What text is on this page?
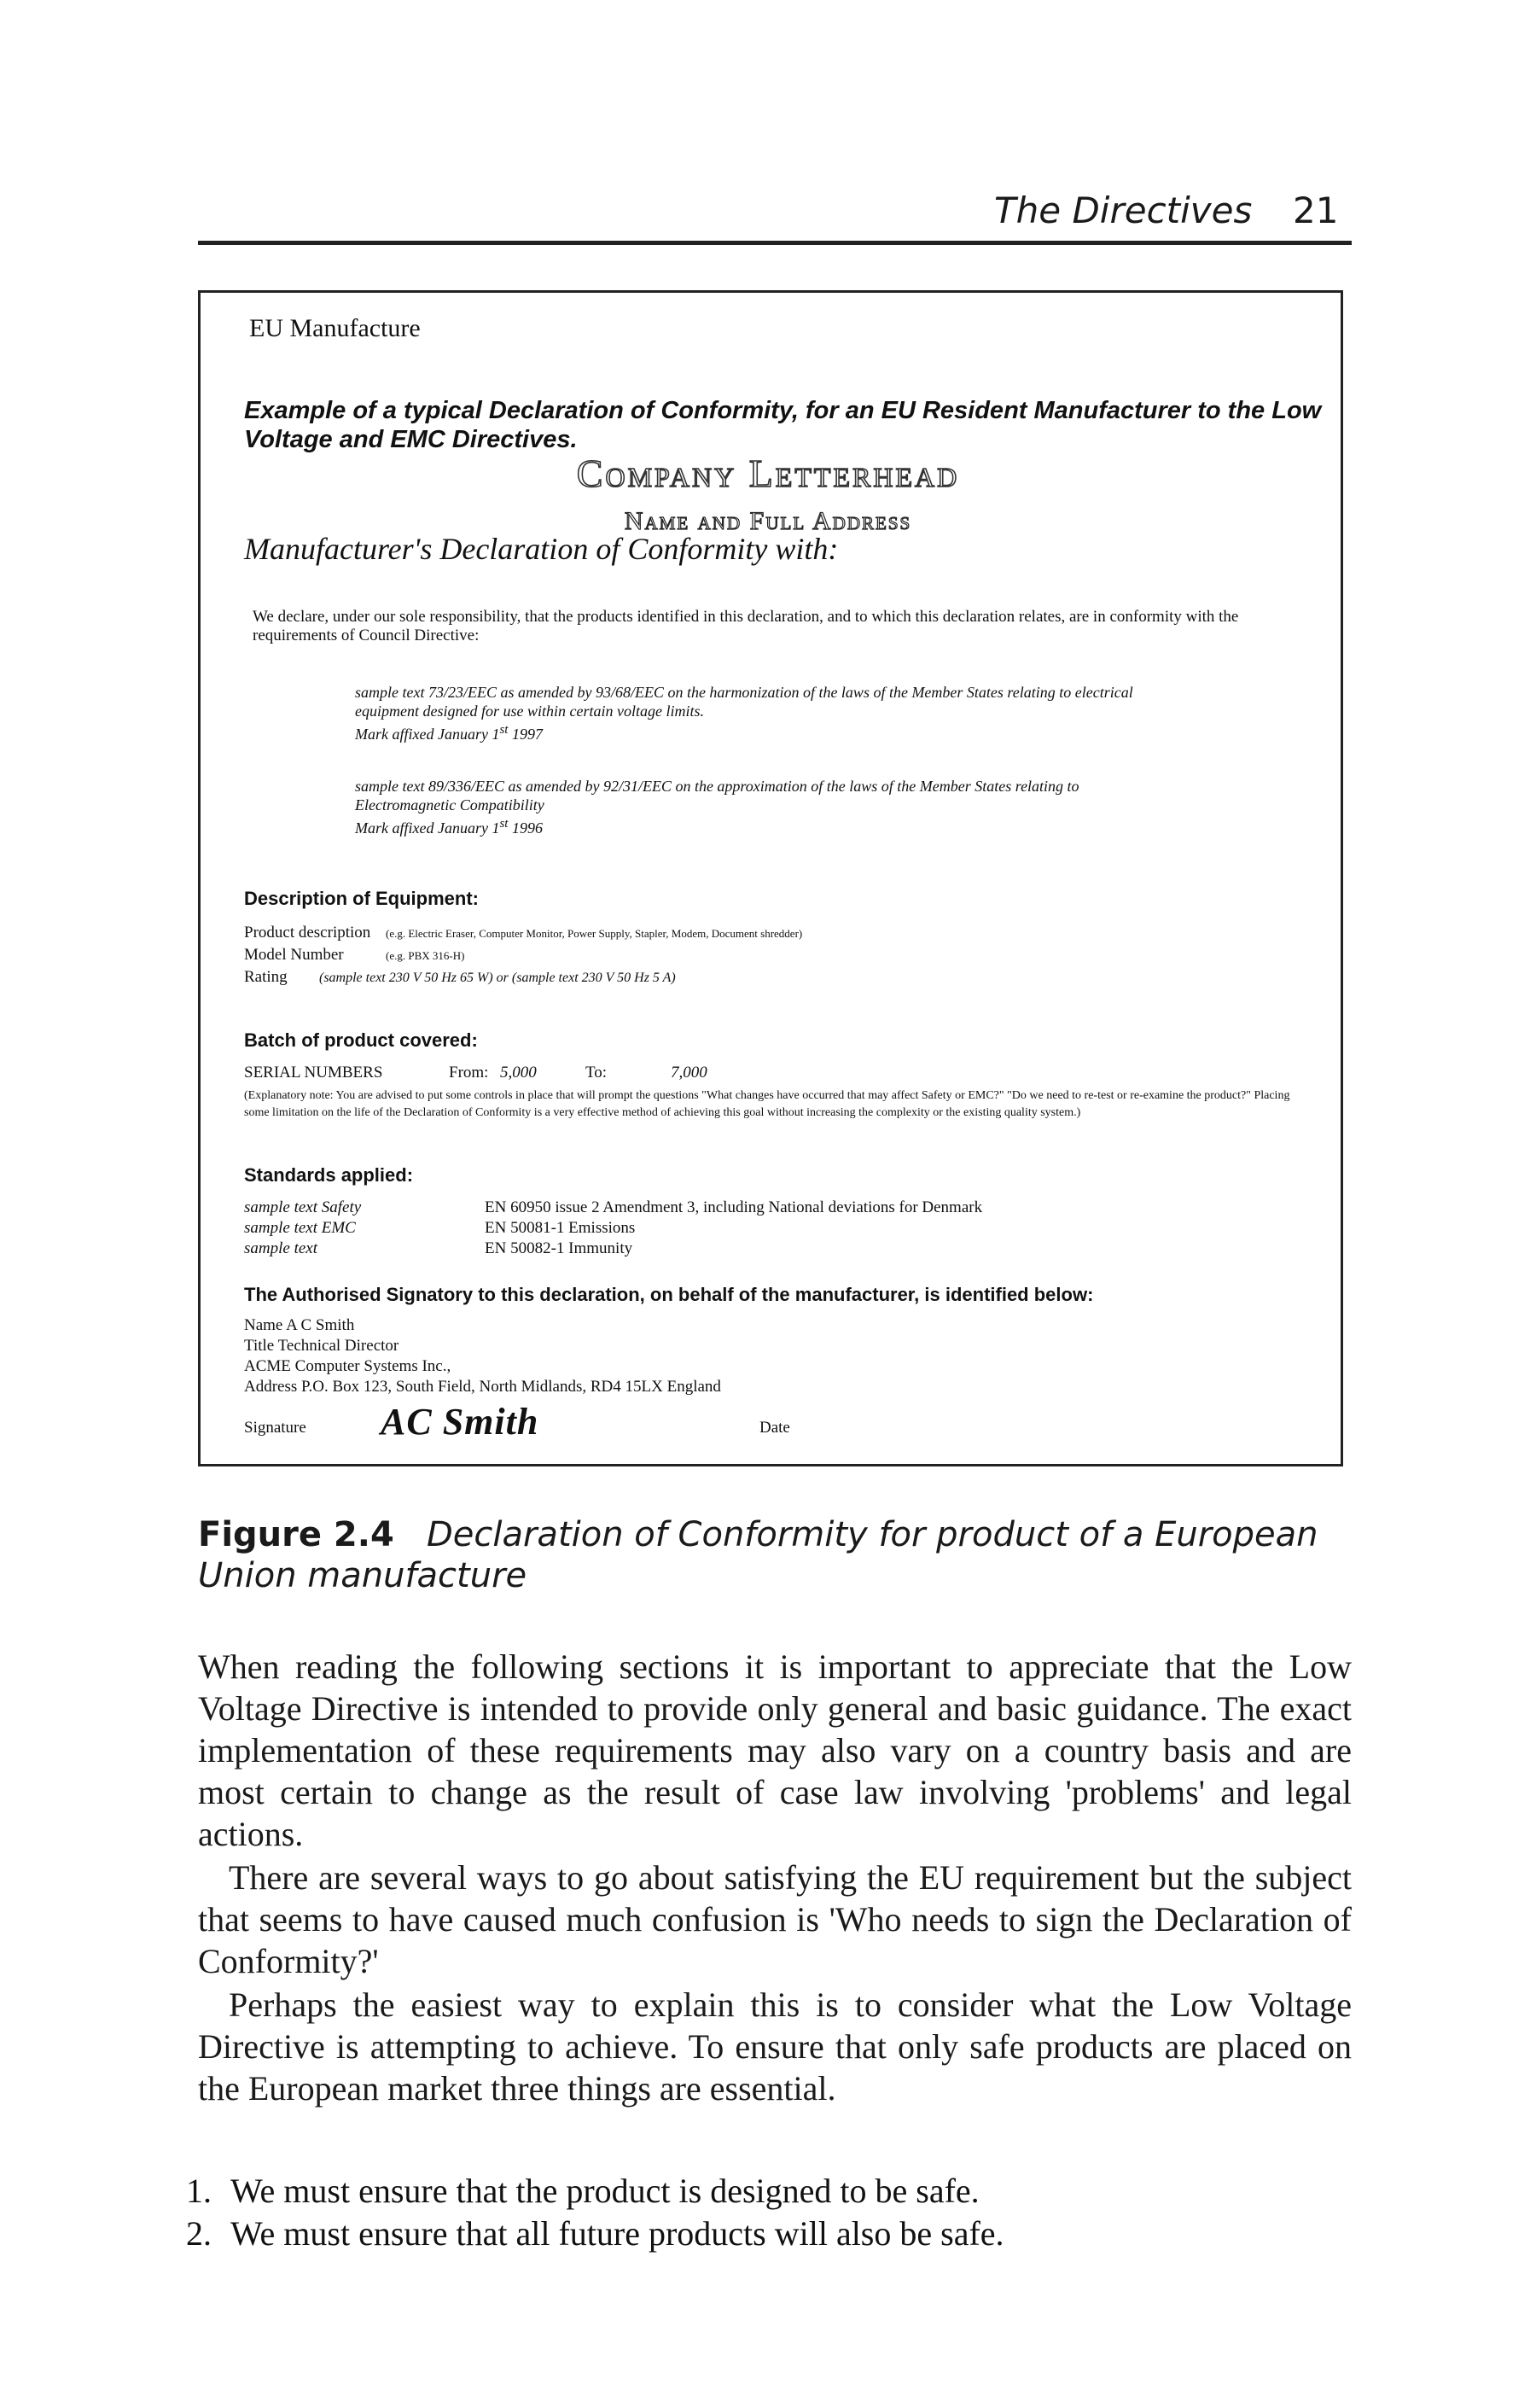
The Directives 21
EU Manufacture
Example of a typical Declaration of Conformity, for an EU Resident Manufacturer to the Low Voltage and EMC Directives.
Company Letterhead
Name and Full Address
Manufacturer's Declaration of Conformity with:
We declare, under our sole responsibility, that the products identified in this declaration, and to which this declaration relates, are in conformity with the requirements of Council Directive:
sample text 73/23/EEC as amended by 93/68/EEC on the harmonization of the laws of the Member States relating to electrical
equipment designed for use within certain voltage limits.
Mark affixed January 1st 1997
sample text 89/336/EEC as amended by 92/31/EEC on the approximation of the laws of the Member States relating to
Electromagnetic Compatibility
Mark affixed January 1st 1996
Description of Equipment:
Product description (e.g. Electric Eraser, Computer Monitor, Power Supply, Stapler, Modem, Document shredder)
Model Number	(e.g. PBX 316-H)
Rating (sample text 230 V 50 Hz 65 W) or (sample text 230 V 50 Hz 5 A)
Batch of product covered:
SERIAL NUMBERS	From: 5,000	To:	7,000
(Explanatory note: You are advised to put some controls in place that will prompt the questions "What changes have occurred that may affect Safety or EMC?" "Do we need to re-test or re-examine the product?" Placing some limitation on the life of the Declaration of Conformity is a very effective method of achieving this goal without increasing the complexity or the existing quality system.)
Standards applied:
sample text Safety	EN 60950 issue 2 Amendment 3, including National deviations for Denmark
sample text EMC	EN 50081-1 Emissions
sample text	EN 50082-1 Immunity
The Authorised Signatory to this declaration, on behalf of the manufacturer, is identified below:
Name A C Smith
Title Technical Director
ACME Computer Systems Inc.,
Address P.O. Box 123, South Field, North Midlands, RD4 15LX England
Signature AC Smith	Date
Figure 2.4 Declaration of Conformity for product of a European Union manufacture
When reading the following sections it is important to appreciate that the Low Voltage Directive is intended to provide only general and basic guidance. The exact implementation of these requirements may also vary on a country basis and are most certain to change as the result of case law involving 'problems' and legal actions.
There are several ways to go about satisfying the EU requirement but the subject that seems to have caused much confusion is 'Who needs to sign the Declaration of Conformity?'
Perhaps the easiest way to explain this is to consider what the Low Voltage Directive is attempting to achieve. To ensure that only safe products are placed on the European market three things are essential.
1. We must ensure that the product is designed to be safe.
2. We must ensure that all future products will also be safe.
